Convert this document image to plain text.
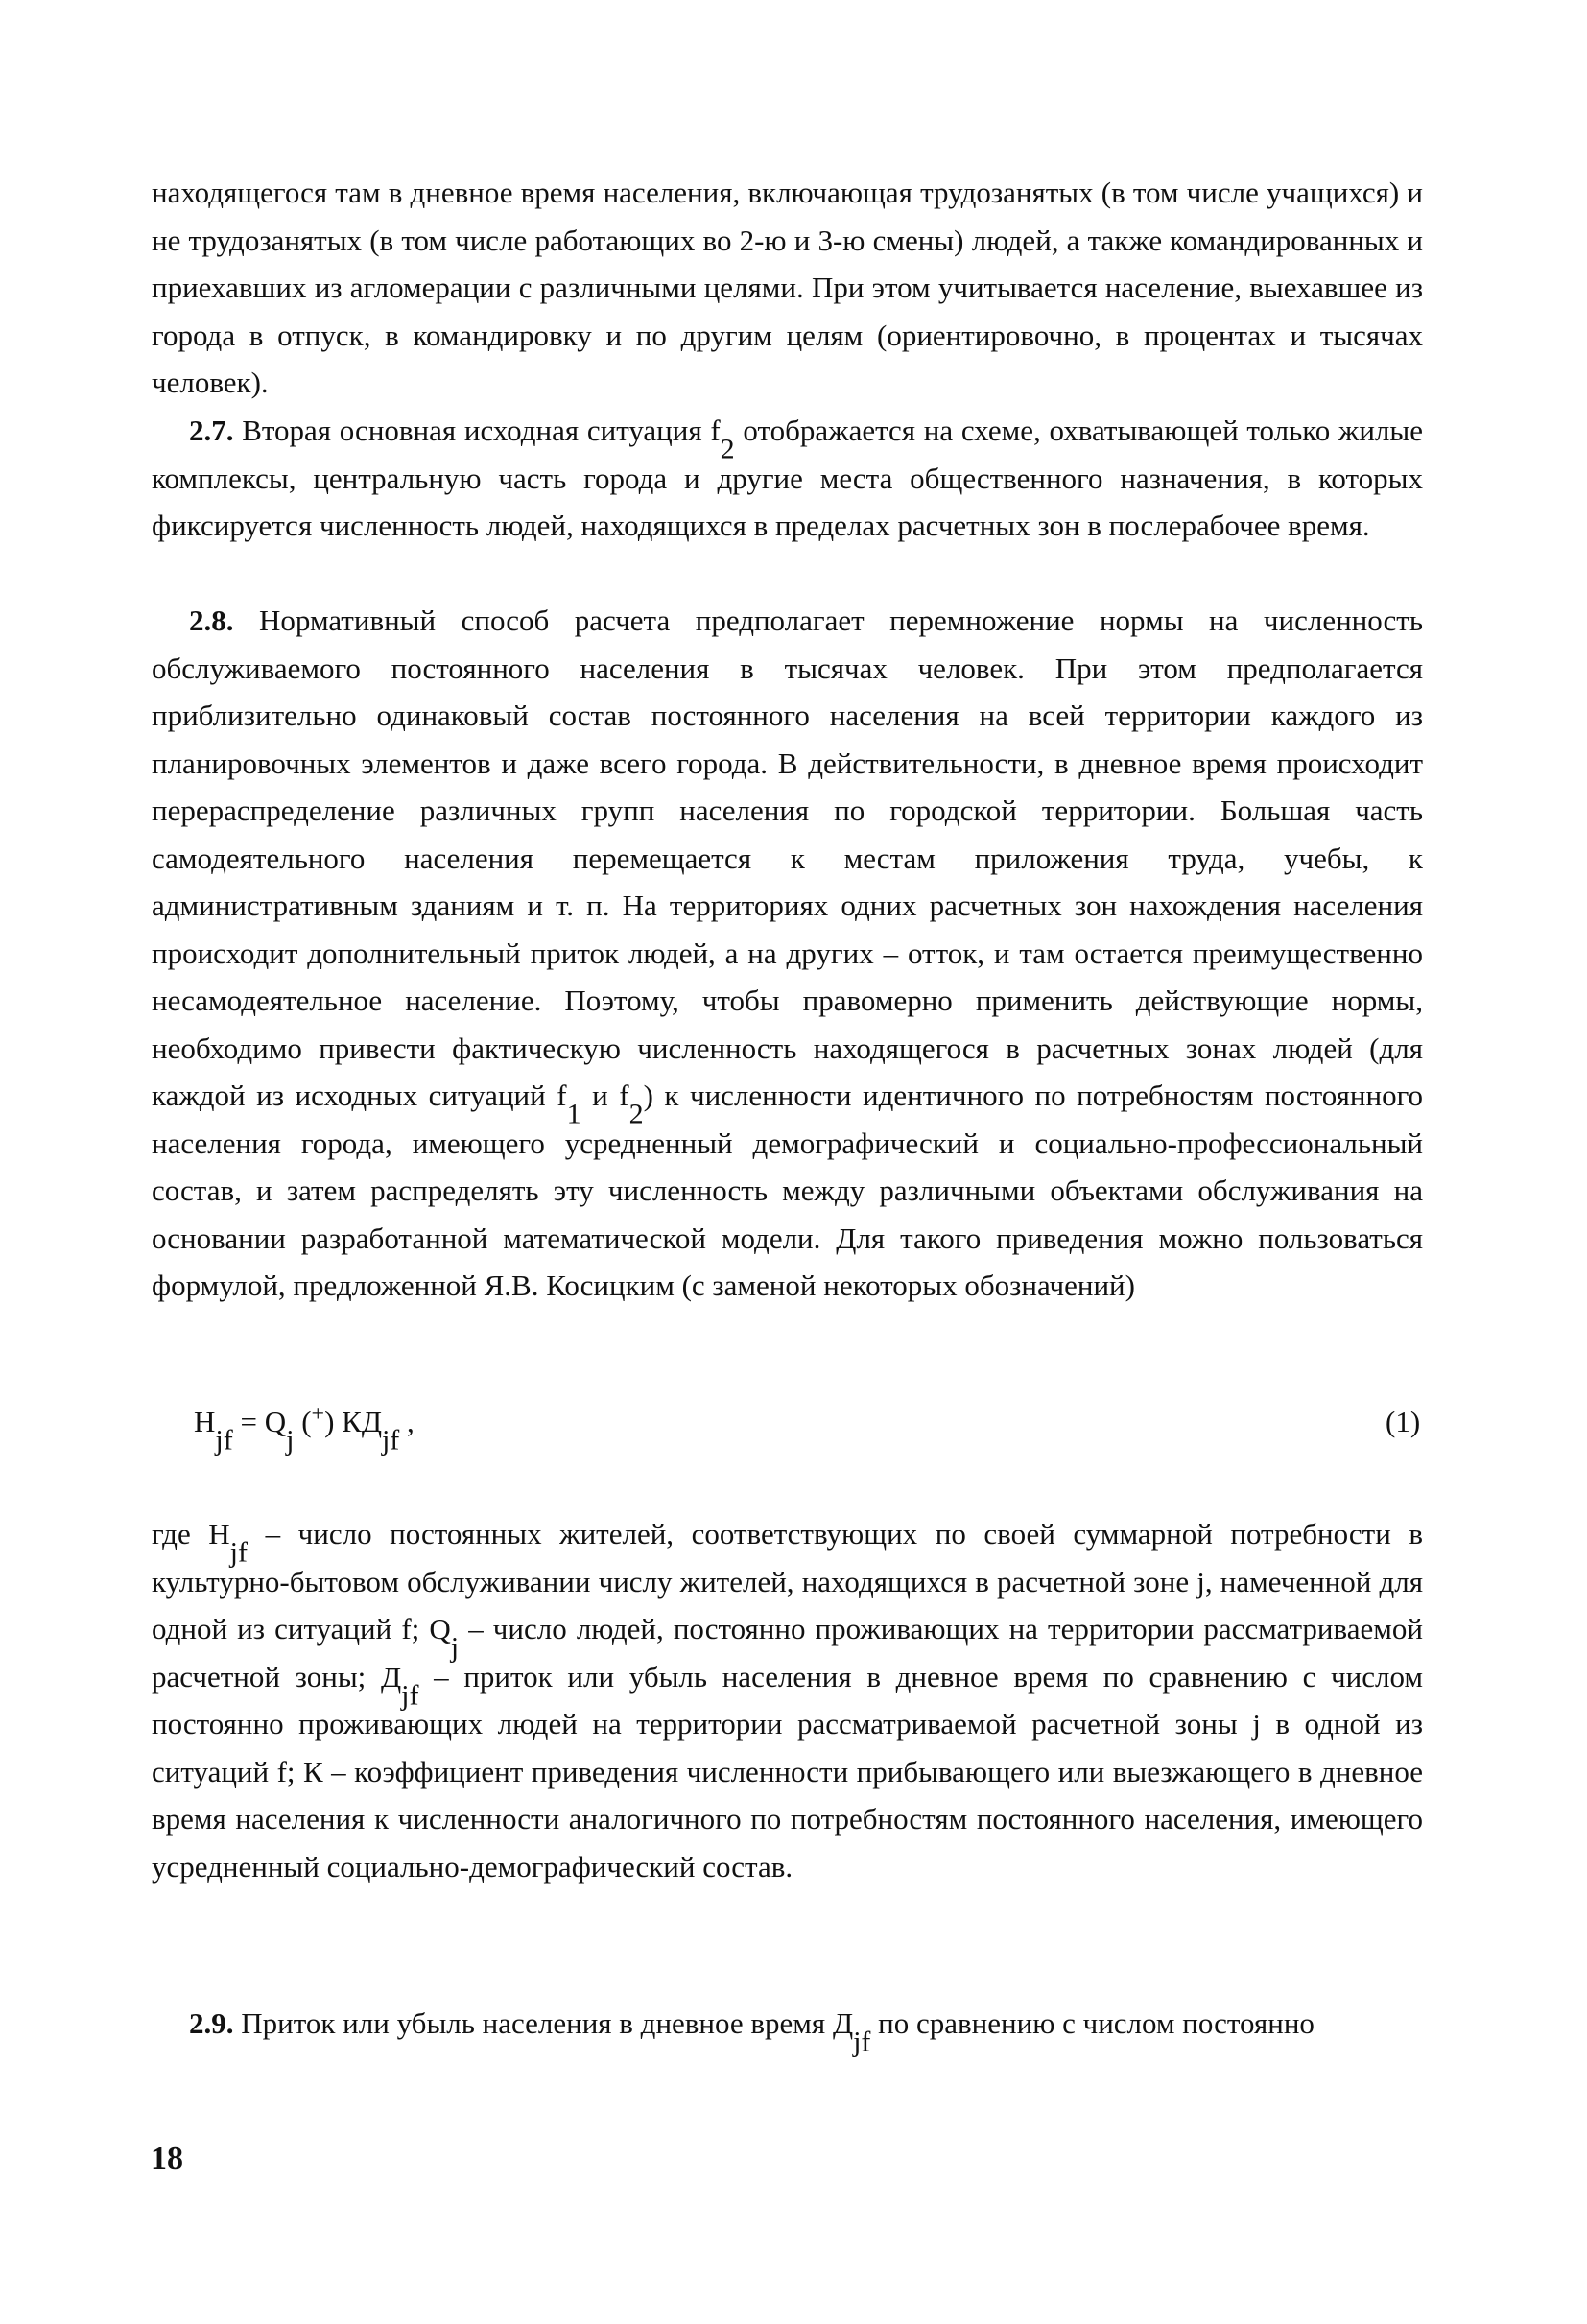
находящегося там в дневное время населения, включающая трудозанятых (в том числе учащихся) и не трудозанятых (в том числе работающих во 2-ю и 3-ю смены) людей, а также командированных и приехавших из агломерации с различными целями. При этом учитывается население, выехавшее из города в отпуск, в командировку и по другим целям (ориентировочно, в процентах и тысячах человек).

2.7. Вторая основная исходная ситуация $f_2$ отображается на схеме, охватывающей только жилые комплексы, центральную часть города и другие места общественного назначения, в которых фиксируется численность людей, находящихся в пределах расчетных зон в послерабочее время.

2.8. Нормативный способ расчета предполагает перемножение нормы на численность обслуживаемого постоянного населения в тысячах человек. При этом предполагается приблизительно одинаковый состав постоянного населения на всей территории каждого из планировочных элементов и даже всего города. В действительности, в дневное время происходит перераспределение различных групп населения по городской территории. Большая часть самодеятельного населения перемещается к местам приложения труда, учебы, к административным зданиям и т. п. На территориях одних расчетных зон нахождения населения происходит дополнительный приток людей, а на других – отток, и там остается преимущественно несамодеятельное население. Поэтому, чтобы правомерно применить действующие нормы, необходимо привести фактическую численность находящегося в расчетных зонах людей (для каждой из исходных ситуаций $f_1$ и $f_2$) к численности идентичного по потребностям постоянного населения города, имеющего усредненный демографический и социально-профессиональный состав, и затем распределять эту численность между различными объектами обслуживания на основании разработанной математической модели. Для такого приведения можно пользоваться формулой, предложенной Я.В. Косицким (с заменой некоторых обозначений)

$H_{jf} = Q_j$ (+) $КД_{jf}$ ,	(1)

где $H_{jf}$ – число постоянных жителей, соответствующих по своей суммарной потребности в культурно-бытовом обслуживании числу жителей, находящихся в расчетной зоне j, намеченной для одной из ситуаций f; $Q_j$ – число людей, постоянно проживающих на территории рассматриваемой расчетной зоны; $Д_{jf}$ – приток или убыль населения в дневное время по сравнению с числом постоянно проживающих людей на территории рассматриваемой расчетной зоны j в одной из ситуаций f; К – коэффициент приведения численности прибывающего или выезжающего в дневное время населения к численности аналогичного по потребностям постоянного населения, имеющего усредненный социально-демографический состав.

2.9. Приток или убыль населения в дневное время $Д_{jf}$ по сравнению с числом постоянно

18
